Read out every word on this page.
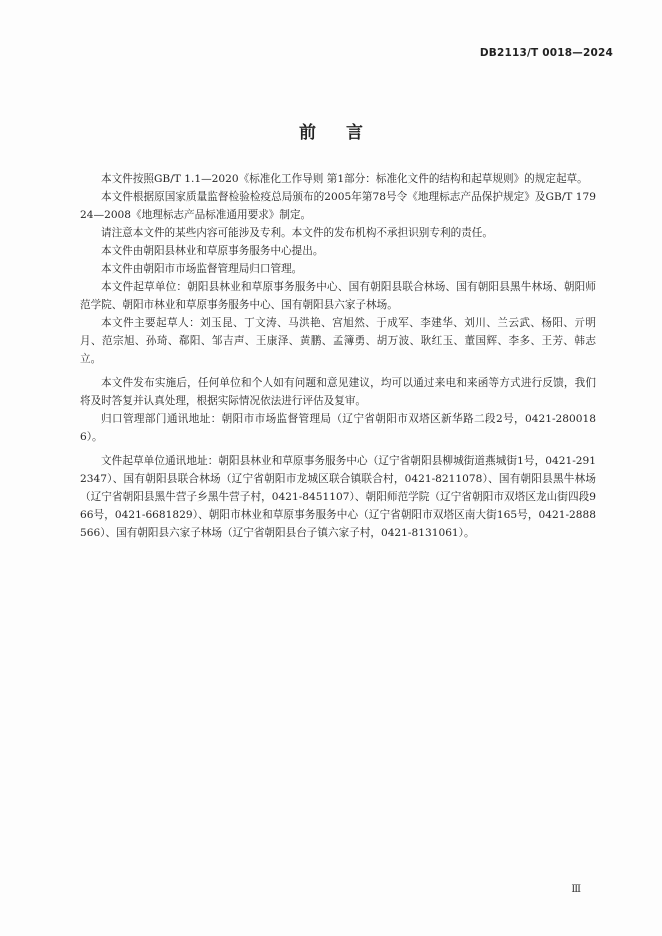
DB2113/T 0018—2024
前言

本文件按照GB/T 1.1—2020《标准化工作导则 第1部分：标准化文件的结构和起草规则》的规定起草。

本文件根据原国家质量监督检验检疫总局颁布的2005年第78号令《地理标志产品保护规定》及GB/T 17924—2008《地理标志产品标准通用要求》制定。

请注意本文件的某些内容可能涉及专利。本文件的发布机构不承担识别专利的责任。

本文件由朝阳县林业和草原事务服务中心提出。

本文件由朝阳市市场监督管理局归口管理。

本文件起草单位：朝阳县林业和草原事务服务中心、国有朝阳县联合林场、国有朝阳县黑牛林场、朝阳师范学院、朝阳市林业和草原事务服务中心、国有朝阳县六家子林场。

本文件主要起草人：刘玉昆、丁文涛、马洪艳、宫旭然、于成军、李建华、刘川、兰云武、杨阳、亓明月、范宗旭、孙琦、郗阳、邹吉声、王康泽、黄鹏、孟簿勇、胡万波、耿红玉、董国辉、李多、王芳、韩志立。

本文件发布实施后，任何单位和个人如有问题和意见建议，均可以通过来电和来函等方式进行反馈，我们将及时答复并认真处理，根据实际情况依法进行评估及复审。

归口管理部门通讯地址：朝阳市市场监督管理局（辽宁省朝阳市双塔区新华路二段2号，0421-2800186）。

文件起草单位通讯地址：朝阳县林业和草原事务服务中心（辽宁省朝阳县柳城街道燕城街1号，0421-2912347）、国有朝阳县联合林场（辽宁省朝阳市龙城区联合镇联合村，0421-8211078）、国有朝阳县黑牛林场（辽宁省朝阳县黑牛营子乡黑牛营子村，0421-8451107）、朝阳师范学院（辽宁省朝阳市双塔区龙山街四段966号，0421-6681829）、朝阳市林业和草原事务服务中心（辽宁省朝阳市双塔区南大街165号，0421-2888566）、国有朝阳县六家子林场（辽宁省朝阳县台子镇六家子村，0421-8131061）。

Ⅲ
